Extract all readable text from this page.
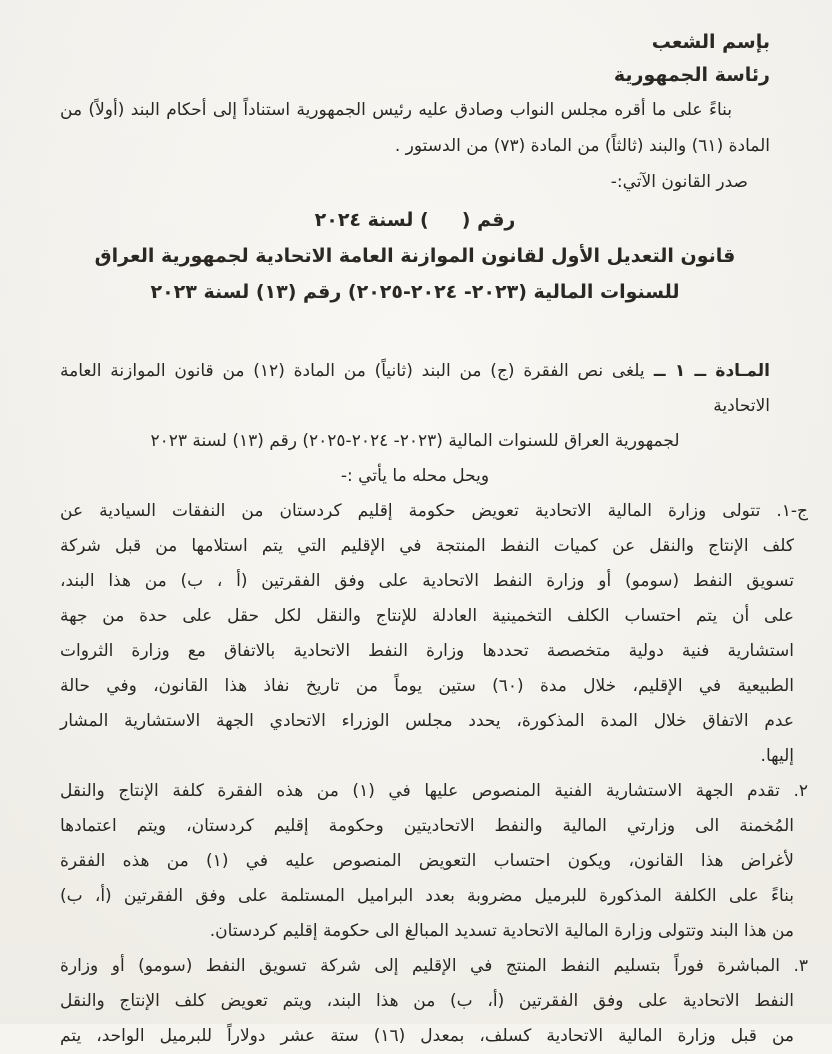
بإسم الشعب
رئاسة الجمهورية
بناءً على ما أقره مجلس النواب وصادق عليه رئيس الجمهورية استناداً إلى أحكام البند (أولاً) من
المادة (٦١) والبند (ثالثاً) من المادة (٧٣) من الدستور .
صدر القانون الآتي:-
رقم (     ) لسنة ٢٠٢٤
قانون التعديل الأول لقانون الموازنة العامة الاتحادية لجمهورية العراق
للسنوات المالية (٢٠٢٣- ٢٠٢٤-٢٠٢٥) رقم (١٣) لسنة ٢٠٢٣
المـادة ــ ١ ــ يلغى نص الفقرة (ج) من البند (ثانياً) من المادة (١٢) من قانون الموازنة العامة الاتحادية
لجمهورية العراق للسنوات المالية (٢٠٢٣- ٢٠٢٤-٢٠٢٥) رقم (١٣) لسنة ٢٠٢٣
ويحل محله ما يأتي :-
ج-١. تتولى وزارة المالية الاتحادية تعويض حكومة إقليم كردستان من النفقات السيادية عن
كلف الإنتاج والنقل عن كميات النفط المنتجة في الإقليم التي يتم استلامها من قبل شركة
تسويق النفط (سومو) أو وزارة النفط الاتحادية على وفق الفقرتين (أ ، ب) من هذا البند،
على أن يتم احتساب الكلف التخمينية العادلة للإنتاج والنقل لكل حقل على حدة من جهة
استشارية فنية دولية متخصصة تحددها وزارة النفط الاتحادية بالاتفاق مع وزارة الثروات
الطبيعية في الإقليم، خلال مدة (٦٠) ستين يوماً من تاريخ نفاذ هذا القانون، وفي حالة
عدم الاتفاق خلال المدة المذكورة، يحدد مجلس الوزراء الاتحادي الجهة الاستشارية المشار
إليها.
٢. تقدم الجهة الاستشارية الفنية المنصوص عليها في (١) من هذه الفقرة كلفة الإنتاج والنقل
المُخمنة الى وزارتي المالية والنفط الاتحاديتين وحكومة إقليم كردستان، ويتم اعتمادها
لأغراض هذا القانون، ويكون احتساب التعويض المنصوص عليه في (١) من هذه الفقرة
بناءً على الكلفة المذكورة للبرميل مضروبة بعدد البراميل المستلمة على وفق الفقرتين (أ، ب)
من هذا البند وتتولى وزارة المالية الاتحادية تسديد المبالغ الى حكومة إقليم كردستان.
٣. المباشرة فوراً بتسليم النفط المنتج في الإقليم إلى شركة تسويق النفط (سومو) أو وزارة
النفط الاتحادية على وفق الفقرتين (أ، ب) من هذا البند، ويتم تعويض كلف الإنتاج والنقل
من قبل وزارة المالية الاتحادية كسلف، بمعدل (١٦) ستة عشر دولاراً للبرميل الواحد، يتم
